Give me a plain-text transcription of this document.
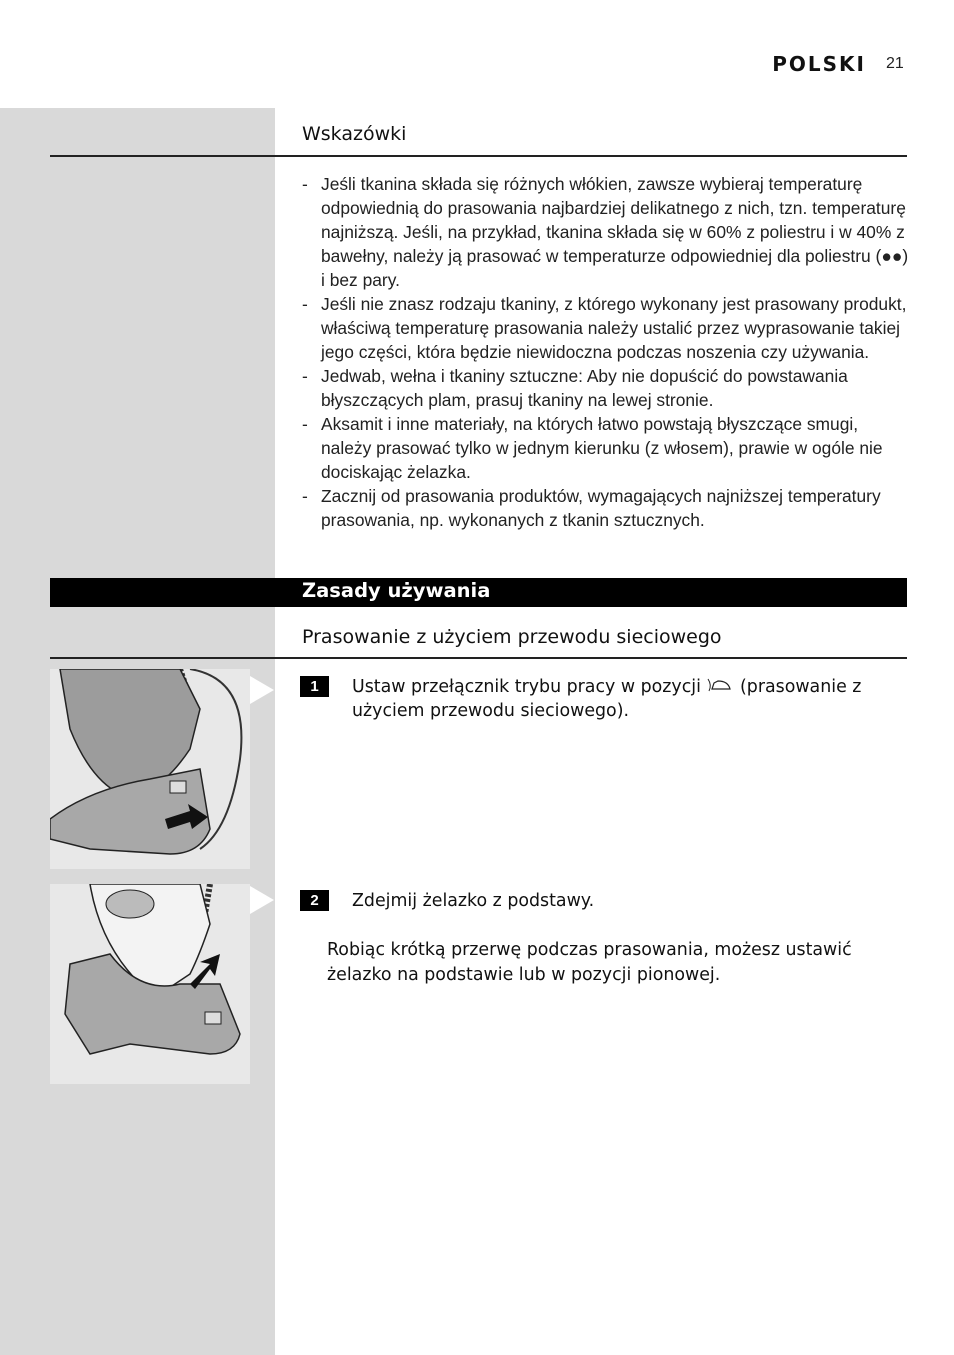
POLSKI 21
Wskazówki
- Jeśli tkanina składa się różnych włókien, zawsze wybieraj temperaturę odpowiednią do prasowania najbardziej delikatnego z nich, tzn. temperaturę najniższą. Jeśli, na przykład, tkanina składa się w 60% z poliestru i w 40% z bawełny, należy ją prasować w temperaturze odpowiedniej dla poliestru (●●) i bez pary.
- Jeśli nie znasz rodzaju tkaniny, z którego wykonany jest prasowany produkt, właściwą temperaturę prasowania należy ustalić przez wyprasowanie takiej jego części, która będzie niewidoczna podczas noszenia czy używania.
- Jedwab, wełna i tkaniny sztuczne: Aby nie dopuścić do powstawania błyszczących plam, prasuj tkaniny na lewej stronie.
- Aksamit i inne materiały, na których łatwo powstają błyszczące smugi, należy prasować tylko w jednym kierunku (z włosem), prawie w ogóle nie dociskając żelazka.
- Zacznij od prasowania produktów, wymagających najniższej temperatury prasowania, np. wykonanych z tkanin sztucznych.
Zasady używania
Prasowanie z użyciem przewodu sieciowego
1	Ustaw przełącznik trybu pracy w pozycji (prasowanie z
użyciem przewodu sieciowego).
2	Zdejmij żelazko z podstawy.

Robiąc krótką przerwę podczas prasowania, możesz ustawić żelazko na podstawie lub w pozycji pionowej.
